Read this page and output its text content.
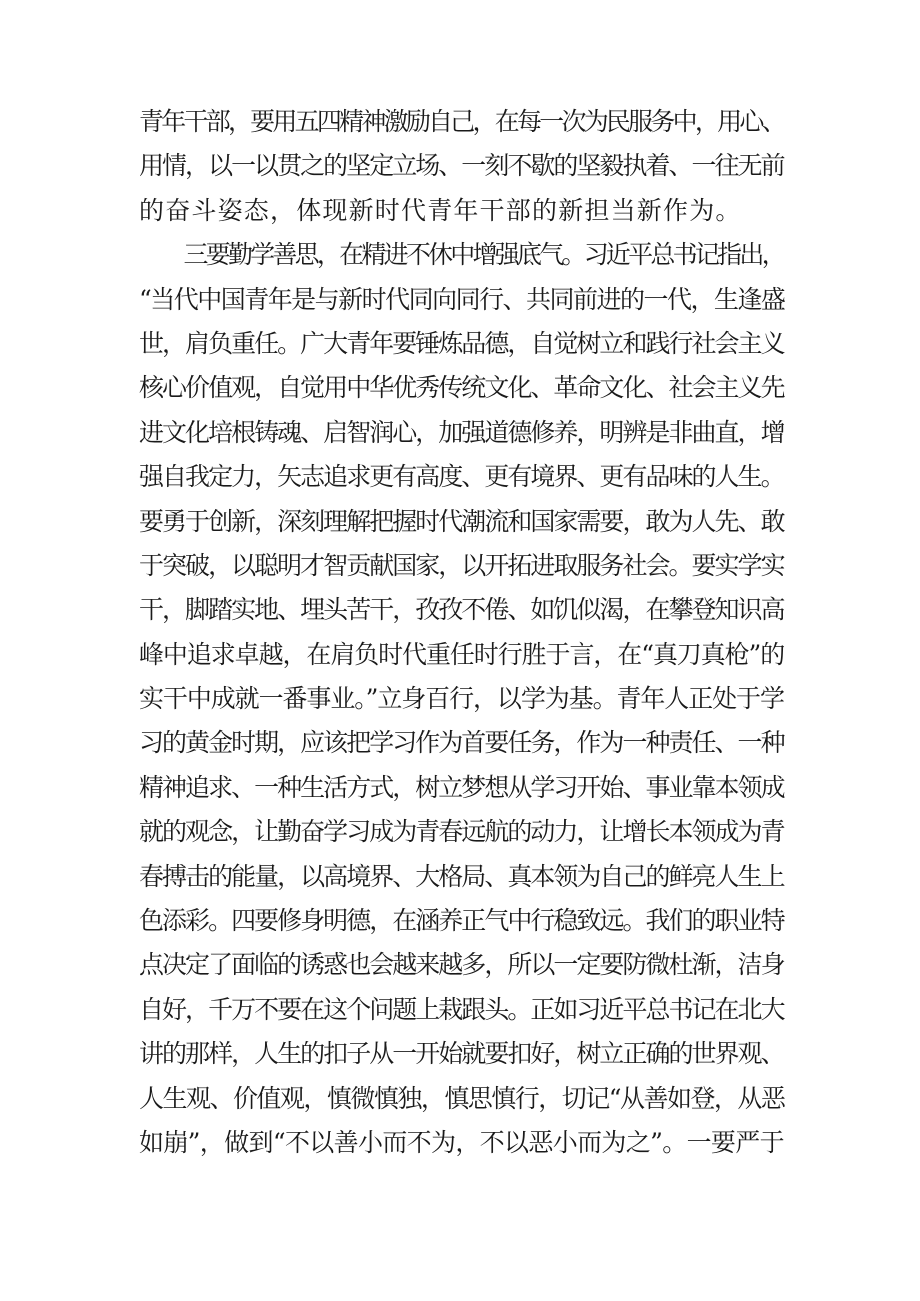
青年干部，要用五四精神激励自己，在每一次为民服务中，用心、
用情，以一以贯之的坚定立场、一刻不歇的坚毅执着、一往无前
的奋斗姿态，体现新时代青年干部的新担当新作为。
　　三要勤学善思，在精进不休中增强底气。习近平总书记指出，
“当代中国青年是与新时代同向同行、共同前进的一代，生逢盛
世，肩负重任。广大青年要锤炼品德，自觉树立和践行社会主义
核心价值观，自觉用中华优秀传统文化、革命文化、社会主义先
进文化培根铸魂、启智润心，加强道德修养，明辨是非曲直，增
强自我定力，矢志追求更有高度、更有境界、更有品味的人生。
要勇于创新，深刻理解把握时代潮流和国家需要，敢为人先、敢
于突破，以聪明才智贡献国家，以开拓进取服务社会。要实学实
干，脚踏实地、埋头苦干，孜孜不倦、如饥似渴，在攀登知识高
峰中追求卓越，在肩负时代重任时行胜于言，在“真刀真枪”的
实干中成就一番事业。”立身百行，以学为基。青年人正处于学
习的黄金时期，应该把学习作为首要任务，作为一种责任、一种
精神追求、一种生活方式，树立梦想从学习开始、事业靠本领成
就的观念，让勤奋学习成为青春远航的动力，让增长本领成为青
春搏击的能量，以高境界、大格局、真本领为自己的鲜亮人生上
色添彩。四要修身明德，在涵养正气中行稳致远。我们的职业特
点决定了面临的诱惑也会越来越多，所以一定要防微杜渐，洁身
自好，千万不要在这个问题上栽跟头。正如习近平总书记在北大
讲的那样，人生的扣子从一开始就要扣好，树立正确的世界观、
人生观、价值观，慎微慎独，慎思慎行，切记“从善如登，从恶
如崩”，做到“不以善小而不为，不以恶小而为之”。一要严于
